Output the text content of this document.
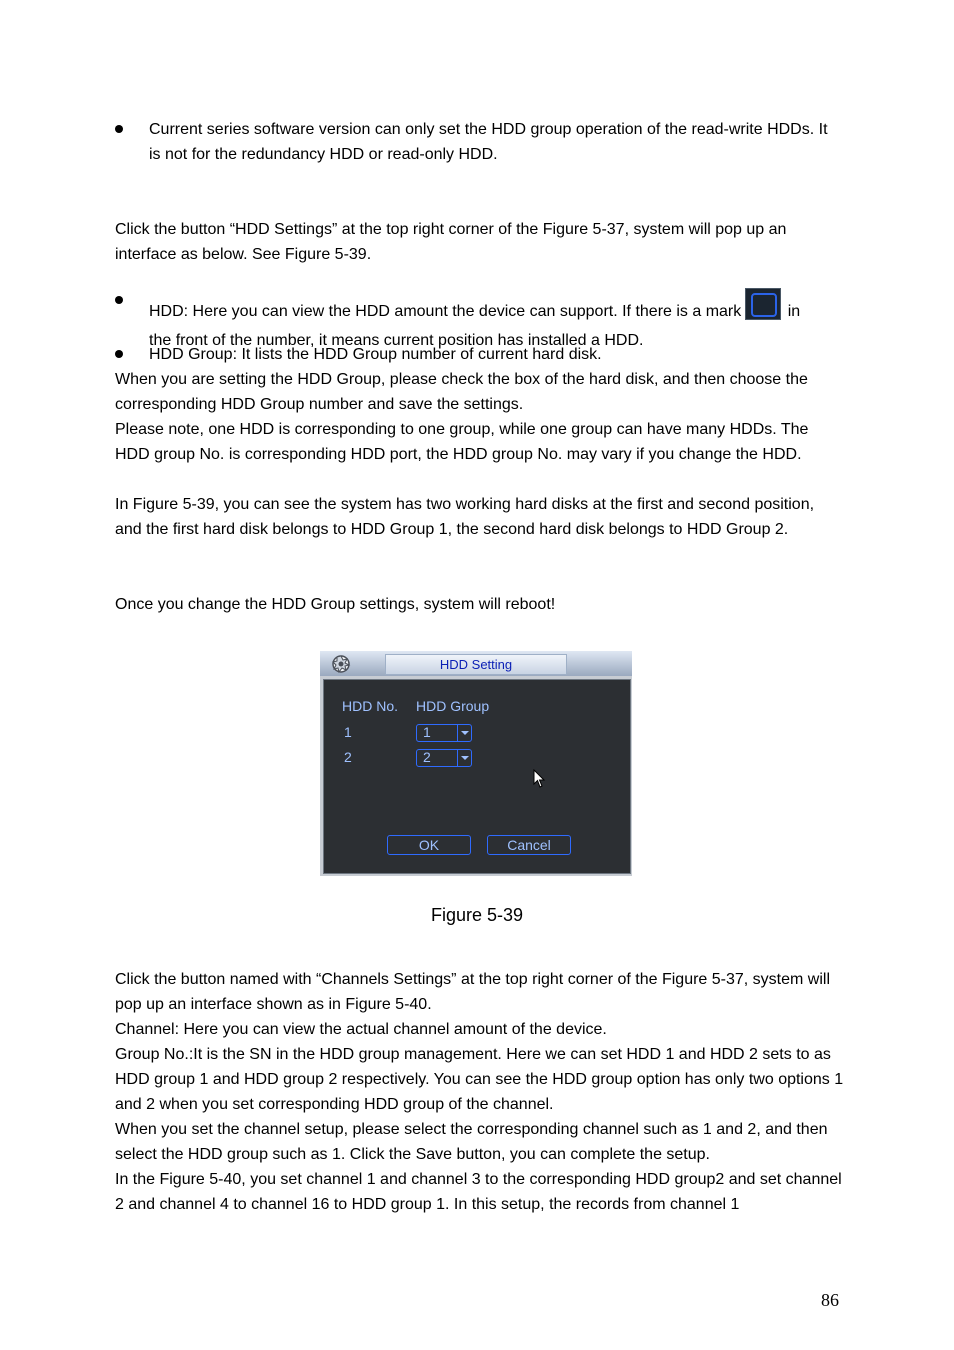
Current series software version can only set the HDD group operation of the read-write HDDs. It is not for the redundancy HDD or read-only HDD.

Click the button “HDD Settings” at the top right corner of the Figure 5-37, system will pop up an interface as below. See Figure 5-39.

HDD: Here you can view the HDD amount the device can support. If there is a mark	in
the front of the number, it means current position has installed a HDD.
HDD Group: It lists the HDD Group number of current hard disk.

When you are setting the HDD Group, please check the box of the hard disk, and then choose the corresponding HDD Group number and save the settings.

Please note, one HDD is corresponding to one group, while one group can have many HDDs. The HDD group No. is corresponding HDD port, the HDD group No. may vary if you change the HDD.

In Figure 5-39, you can see the system has two working hard disks at the first and second position, and the first hard disk belongs to HDD Group 1, the second hard disk belongs to HDD Group 2.

Once you change the HDD Group settings, system will reboot!

HDD Setting
HDD No. HDD Group
1	1
2	2
OK	Cancel
Figure 5-39

Click the button named with “Channels Settings” at the top right corner of the Figure 5-37, system will pop up an interface shown as in Figure 5-40.

Channel: Here you can view the actual channel amount of the device.

Group No.:It is the SN in the HDD group management. Here we can set HDD 1 and HDD 2 sets to as HDD group 1 and HDD group 2 respectively. You can see the HDD group option has only two options 1 and 2 when you set corresponding HDD group of the channel.

When you set the channel setup, please select the corresponding channel such as 1 and 2, and then select the HDD group such as 1. Click the Save button, you can complete the setup.

In the Figure 5-40, you set channel 1 and channel 3 to the corresponding HDD group2 and set channel 2 and channel 4 to channel 16 to HDD group 1. In this setup, the records from channel 1

86
